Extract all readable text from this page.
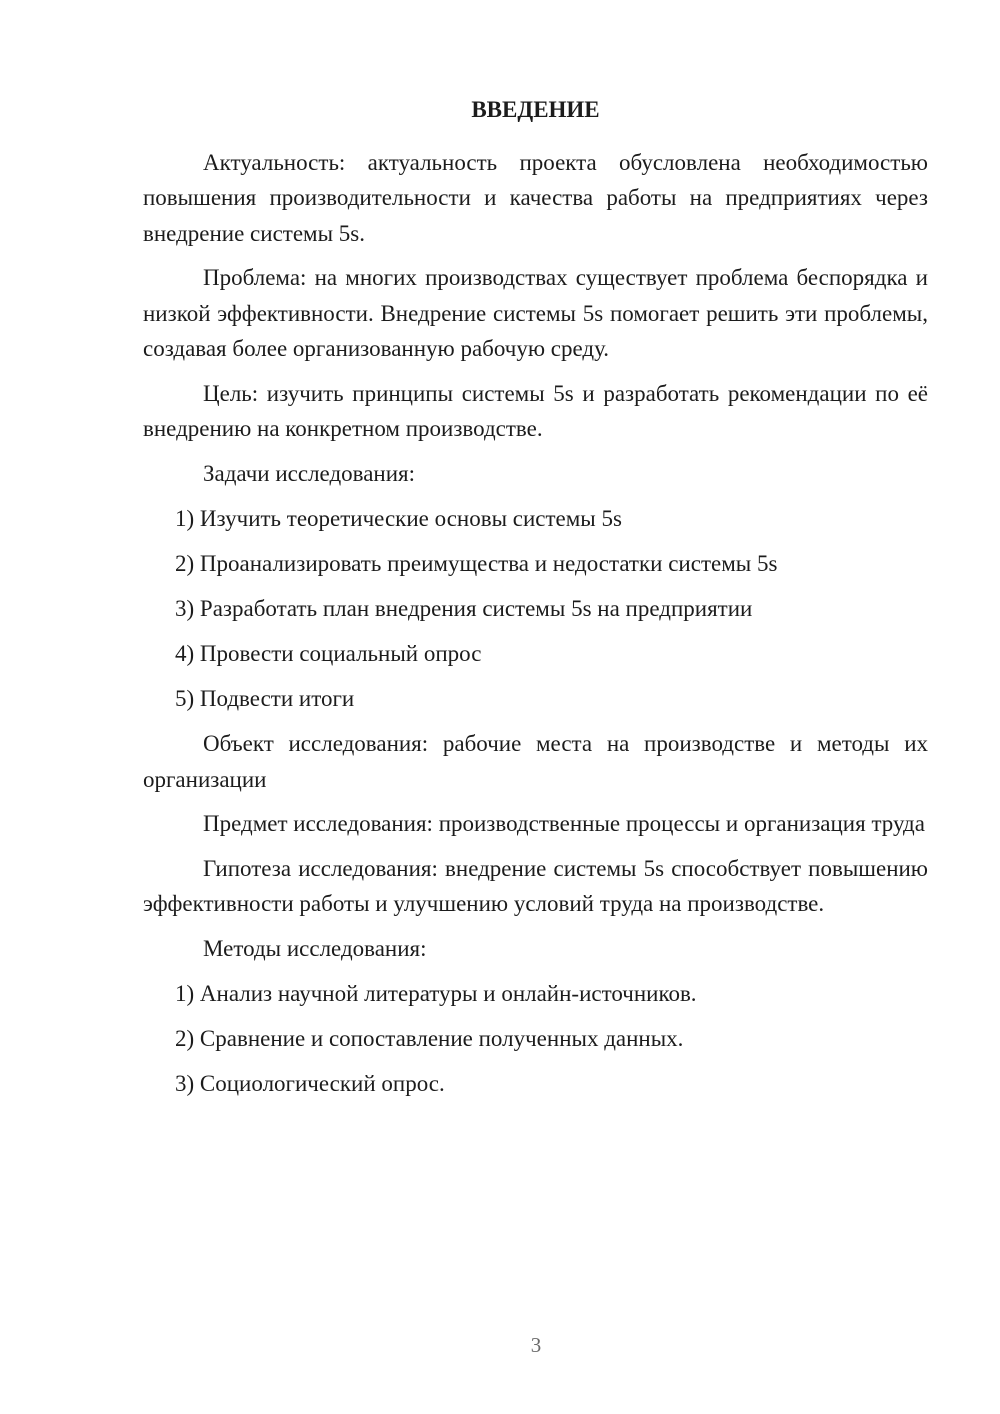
ВВЕДЕНИЕ

Актуальность: актуальность проекта обусловлена необходимостью повышения производительности и качества работы на предприятиях через внедрение системы 5s.

Проблема: на многих производствах существует проблема беспорядка и низкой эффективности. Внедрение системы 5s помогает решить эти проблемы, создавая более организованную рабочую среду.

Цель: изучить принципы системы 5s и разработать рекомендации по её внедрению на конкретном производстве.

Задачи исследования:

1) Изучить теоретические основы системы 5s
2) Проанализировать преимущества и недостатки системы 5s
3) Разработать план внедрения системы 5s на предприятии
4) Провести социальный опрос
5) Подвести итоги

Объект исследования: рабочие места на производстве и методы их организации

Предмет исследования: производственные процессы и организация труда

Гипотеза исследования: внедрение системы 5s способствует повышению эффективности работы и улучшению условий труда на производстве.

Методы исследования:

1) Анализ научной литературы и онлайн-источников.
2) Сравнение и сопоставление полученных данных.
3) Социологический опрос.
3
